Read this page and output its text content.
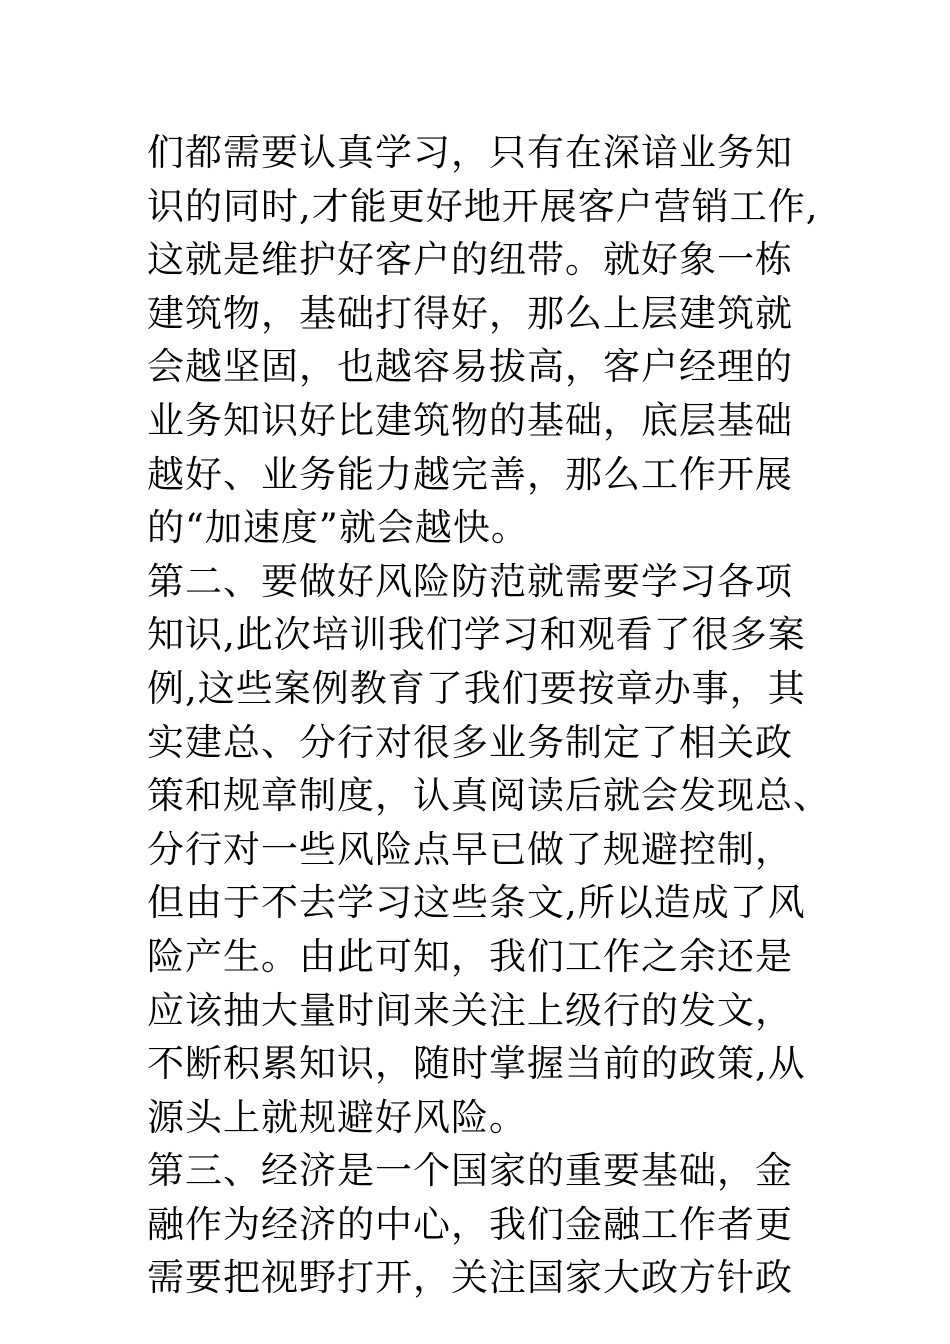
们都需要认真学习，只有在深谙业务知
识的同时,才能更好地开展客户营销工作,
这就是维护好客户的纽带。就好象一栋
建筑物，基础打得好，那么上层建筑就
会越坚固，也越容易拔高，客户经理的
业务知识好比建筑物的基础，底层基础
越好、业务能力越完善，那么工作开展
的“加速度”就会越快。
第二、要做好风险防范就需要学习各项
知识,此次培训我们学习和观看了很多案
例,这些案例教育了我们要按章办事，其
实建总、分行对很多业务制定了相关政
策和规章制度，认真阅读后就会发现总、
分行对一些风险点早已做了规避控制，
但由于不去学习这些条文,所以造成了风
险产生。由此可知，我们工作之余还是
应该抽大量时间来关注上级行的发文，
不断积累知识，随时掌握当前的政策,从
源头上就规避好风险。
第三、经济是一个国家的重要基础，金
融作为经济的中心，我们金融工作者更
需要把视野打开，关注国家大政方针政
